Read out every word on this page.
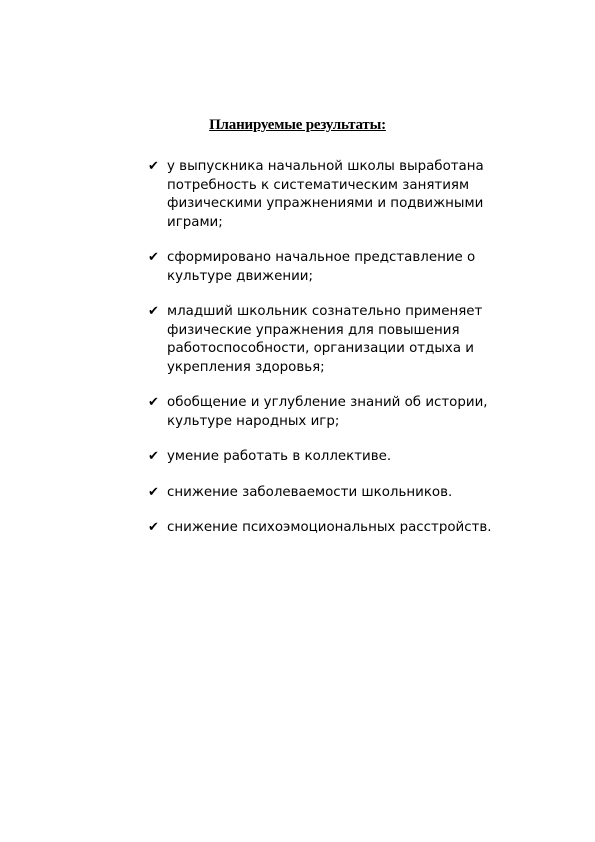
Планируемые результаты:
✔ у выпускника начальной школы выработана потребность к систематическим занятиям физическими упражнениями и подвижными играми;
✔ сформировано начальное представление о культуре движении;
✔ младший школьник сознательно применяет физические упражнения для повышения работоспособности, организации отдыха и укрепления здоровья;
✔ обобщение и углубление знаний об истории, культуре народных игр;
✔ умение работать в коллективе.
✔ снижение заболеваемости школьников.
✔ снижение психоэмоциональных расстройств.
